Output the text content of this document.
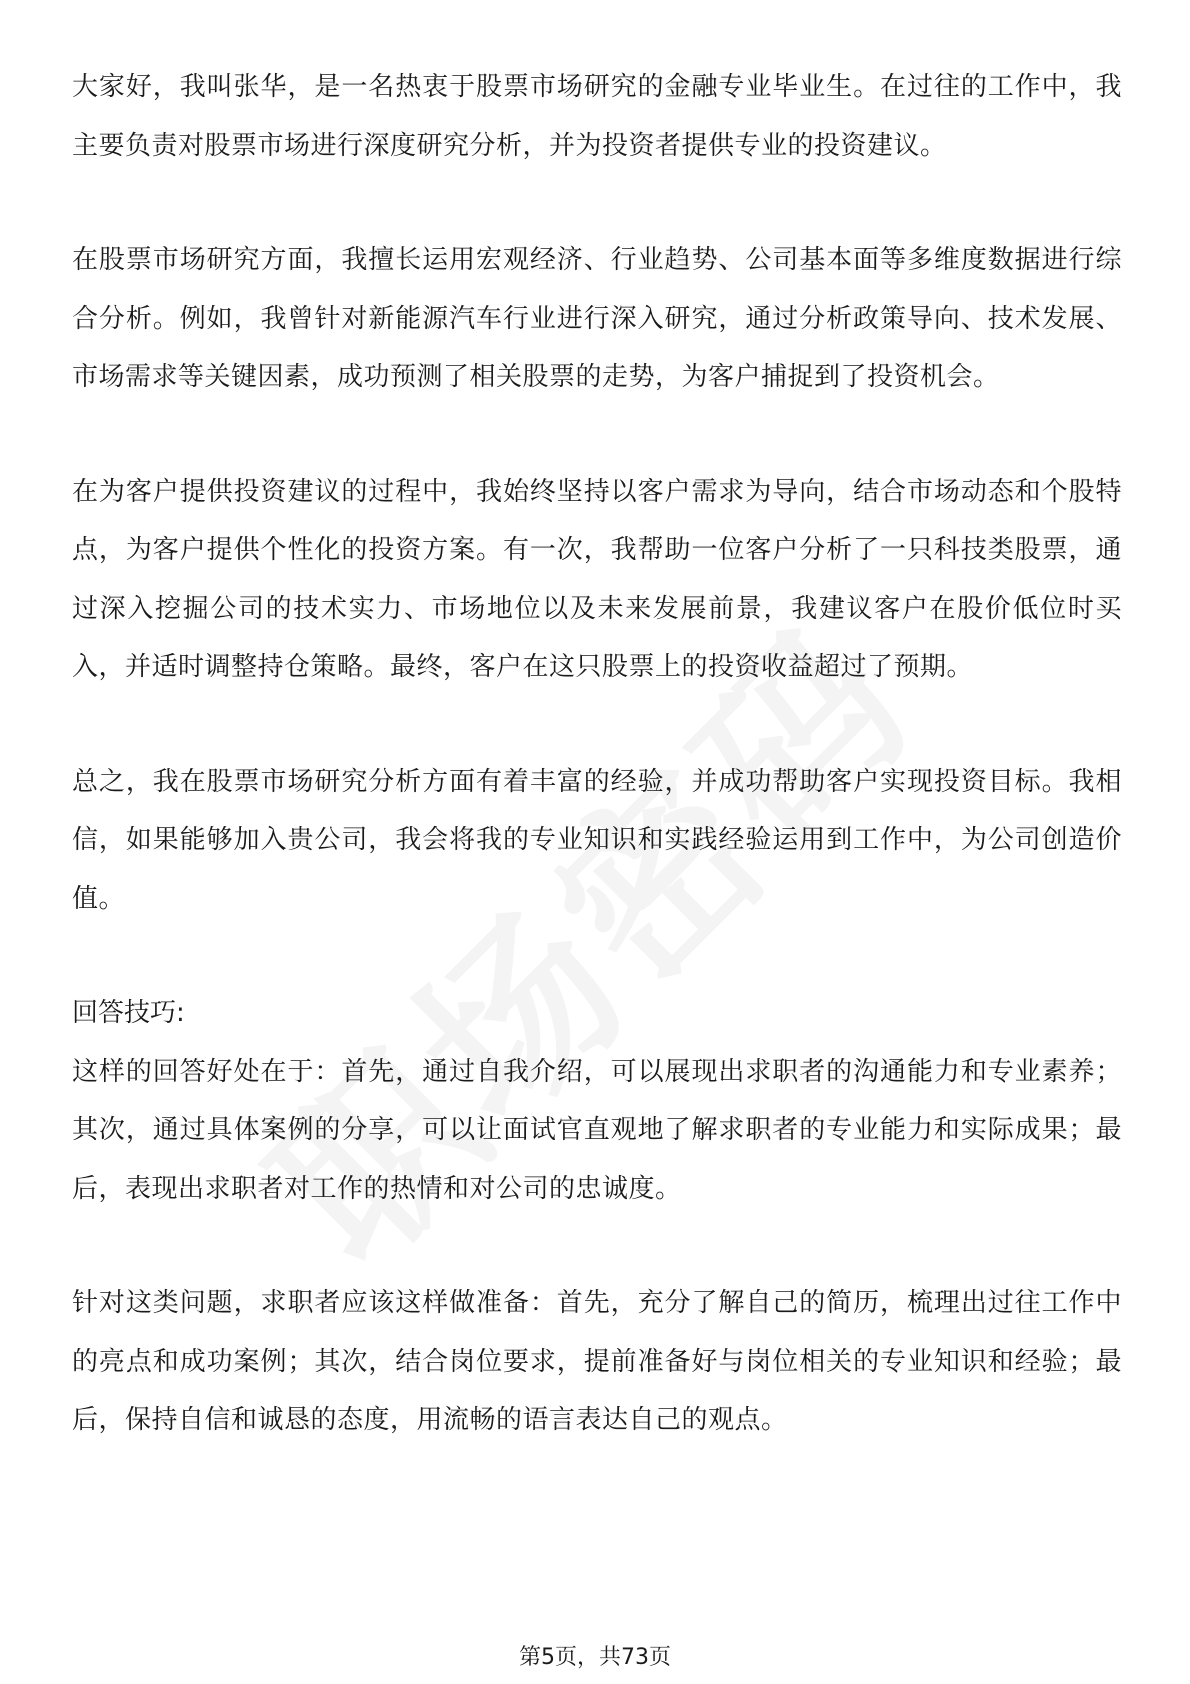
大家好，我叫张华，是一名热衷于股票市场研究的金融专业毕业生。在过往的工作中，我主要负责对股票市场进行深度研究分析，并为投资者提供专业的投资建议。

在股票市场研究方面，我擅长运用宏观经济、行业趋势、公司基本面等多维度数据进行综合分析。例如，我曾针对新能源汽车行业进行深入研究，通过分析政策导向、技术发展、市场需求等关键因素，成功预测了相关股票的走势，为客户捕捉到了投资机会。

在为客户提供投资建议的过程中，我始终坚持以客户需求为导向，结合市场动态和个股特点，为客户提供个性化的投资方案。有一次，我帮助一位客户分析了一只科技类股票，通过深入挖掘公司的技术实力、市场地位以及未来发展前景，我建议客户在股价低位时买入，并适时调整持仓策略。最终，客户在这只股票上的投资收益超过了预期。

总之，我在股票市场研究分析方面有着丰富的经验，并成功帮助客户实现投资目标。我相信，如果能够加入贵公司，我会将我的专业知识和实践经验运用到工作中，为公司创造价值。

回答技巧:

这样的回答好处在于：首先，通过自我介绍，可以展现出求职者的沟通能力和专业素养；其次，通过具体案例的分享，可以让面试官直观地了解求职者的专业能力和实际成果；最后，表现出求职者对工作的热情和对公司的忠诚度。

针对这类问题，求职者应该这样做准备：首先，充分了解自己的简历，梳理出过往工作中的亮点和成功案例；其次，结合岗位要求，提前准备好与岗位相关的专业知识和经验；最后，保持自信和诚恳的态度，用流畅的语言表达自己的观点。

第5页，共73页
